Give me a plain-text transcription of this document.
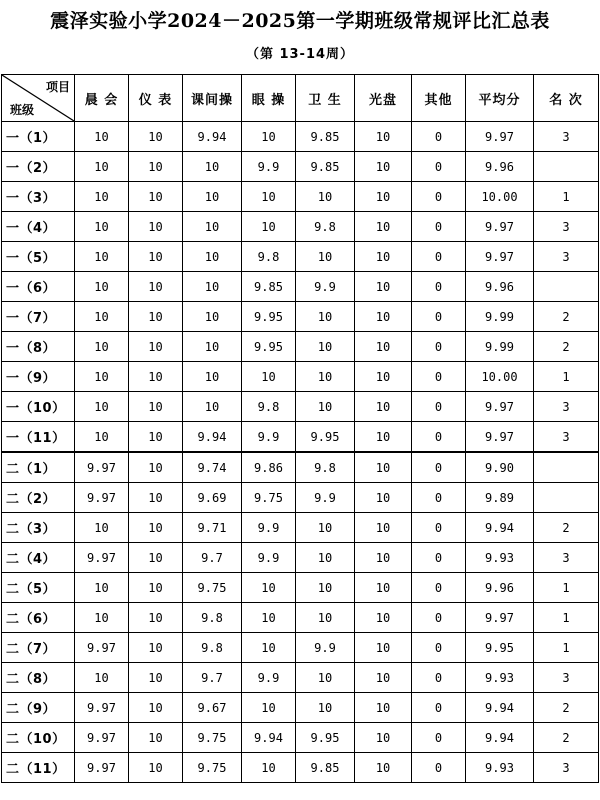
震泽实验小学2024－2025第一学期班级常规评比汇总表
（第 13-14周）
项目
班级	晨 会	仪 表	课间操	眼 操	卫 生	光盘	其他	平均分	名 次
一（1）	10	10	9.94	10	9.85	10	0	9.97	3
一（2）	10	10	10	9.9	9.85	10	0	9.96	
一（3）	10	10	10	10	10	10	0	10.00	1
一（4）	10	10	10	10	9.8	10	0	9.97	3
一（5）	10	10	10	9.8	10	10	0	9.97	3
一（6）	10	10	10	9.85	9.9	10	0	9.96	
一（7）	10	10	10	9.95	10	10	0	9.99	2
一（8）	10	10	10	9.95	10	10	0	9.99	2
一（9）	10	10	10	10	10	10	0	10.00	1
一（10）	10	10	10	9.8	10	10	0	9.97	3
一（11）	10	10	9.94	9.9	9.95	10	0	9.97	3
二（1）	9.97	10	9.74	9.86	9.8	10	0	9.90	
二（2）	9.97	10	9.69	9.75	9.9	10	0	9.89	
二（3）	10	10	9.71	9.9	10	10	0	9.94	2
二（4）	9.97	10	9.7	9.9	10	10	0	9.93	3
二（5）	10	10	9.75	10	10	10	0	9.96	1
二（6）	10	10	9.8	10	10	10	0	9.97	1
二（7）	9.97	10	9.8	10	9.9	10	0	9.95	1
二（8）	10	10	9.7	9.9	10	10	0	9.93	3
二（9）	9.97	10	9.67	10	10	10	0	9.94	2
二（10）	9.97	10	9.75	9.94	9.95	10	0	9.94	2
二（11）	9.97	10	9.75	10	9.85	10	0	9.93	3
